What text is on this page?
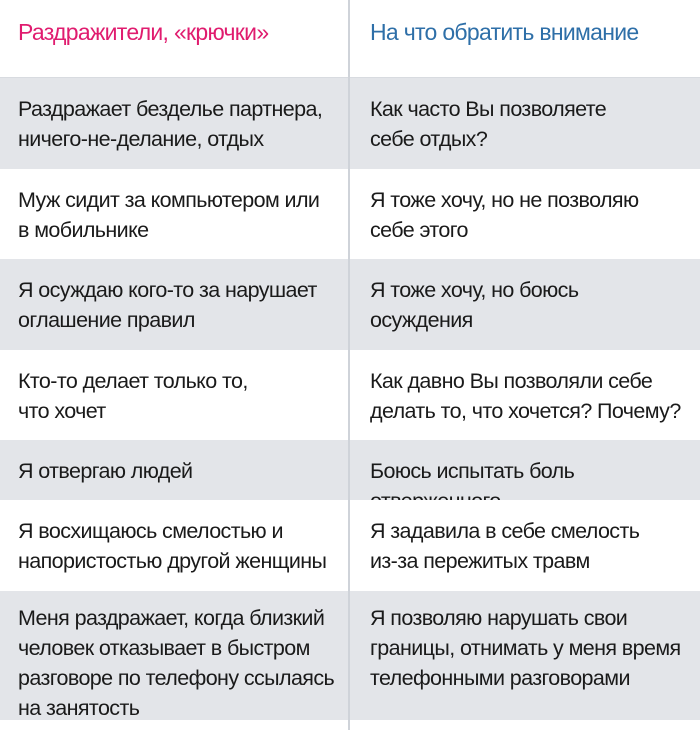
Раздражители, «крючки»	На что обратить внимание
Раздражает безделье партнера,
ничего-не-делание, отдых
Как часто Вы позволяете
себе отдых?
Муж сидит за компьютером или
в мобильнике
Я тоже хочу, но не позволяю
себе этого
Я осуждаю кого-то за нарушает
оглашение правил
Я тоже хочу, но боюсь
осуждения
Кто-то делает только то,
что хочет
Как давно Вы позволяли себе
делать то, что хочется? Почему?
Я отвергаю людей	Боюсь испытать боль
Я восхищаюсь смелостью и
напористостью другой женщины
Я задавила в себе смелость
из-за пережитых травм
Меня раздражает, когда близкий
человек отказывает в быстром
разговоре по телефону ссылаясь
на занятость
Я позволяю нарушать свои
границы, отнимать у меня время
телефонными разговорами
